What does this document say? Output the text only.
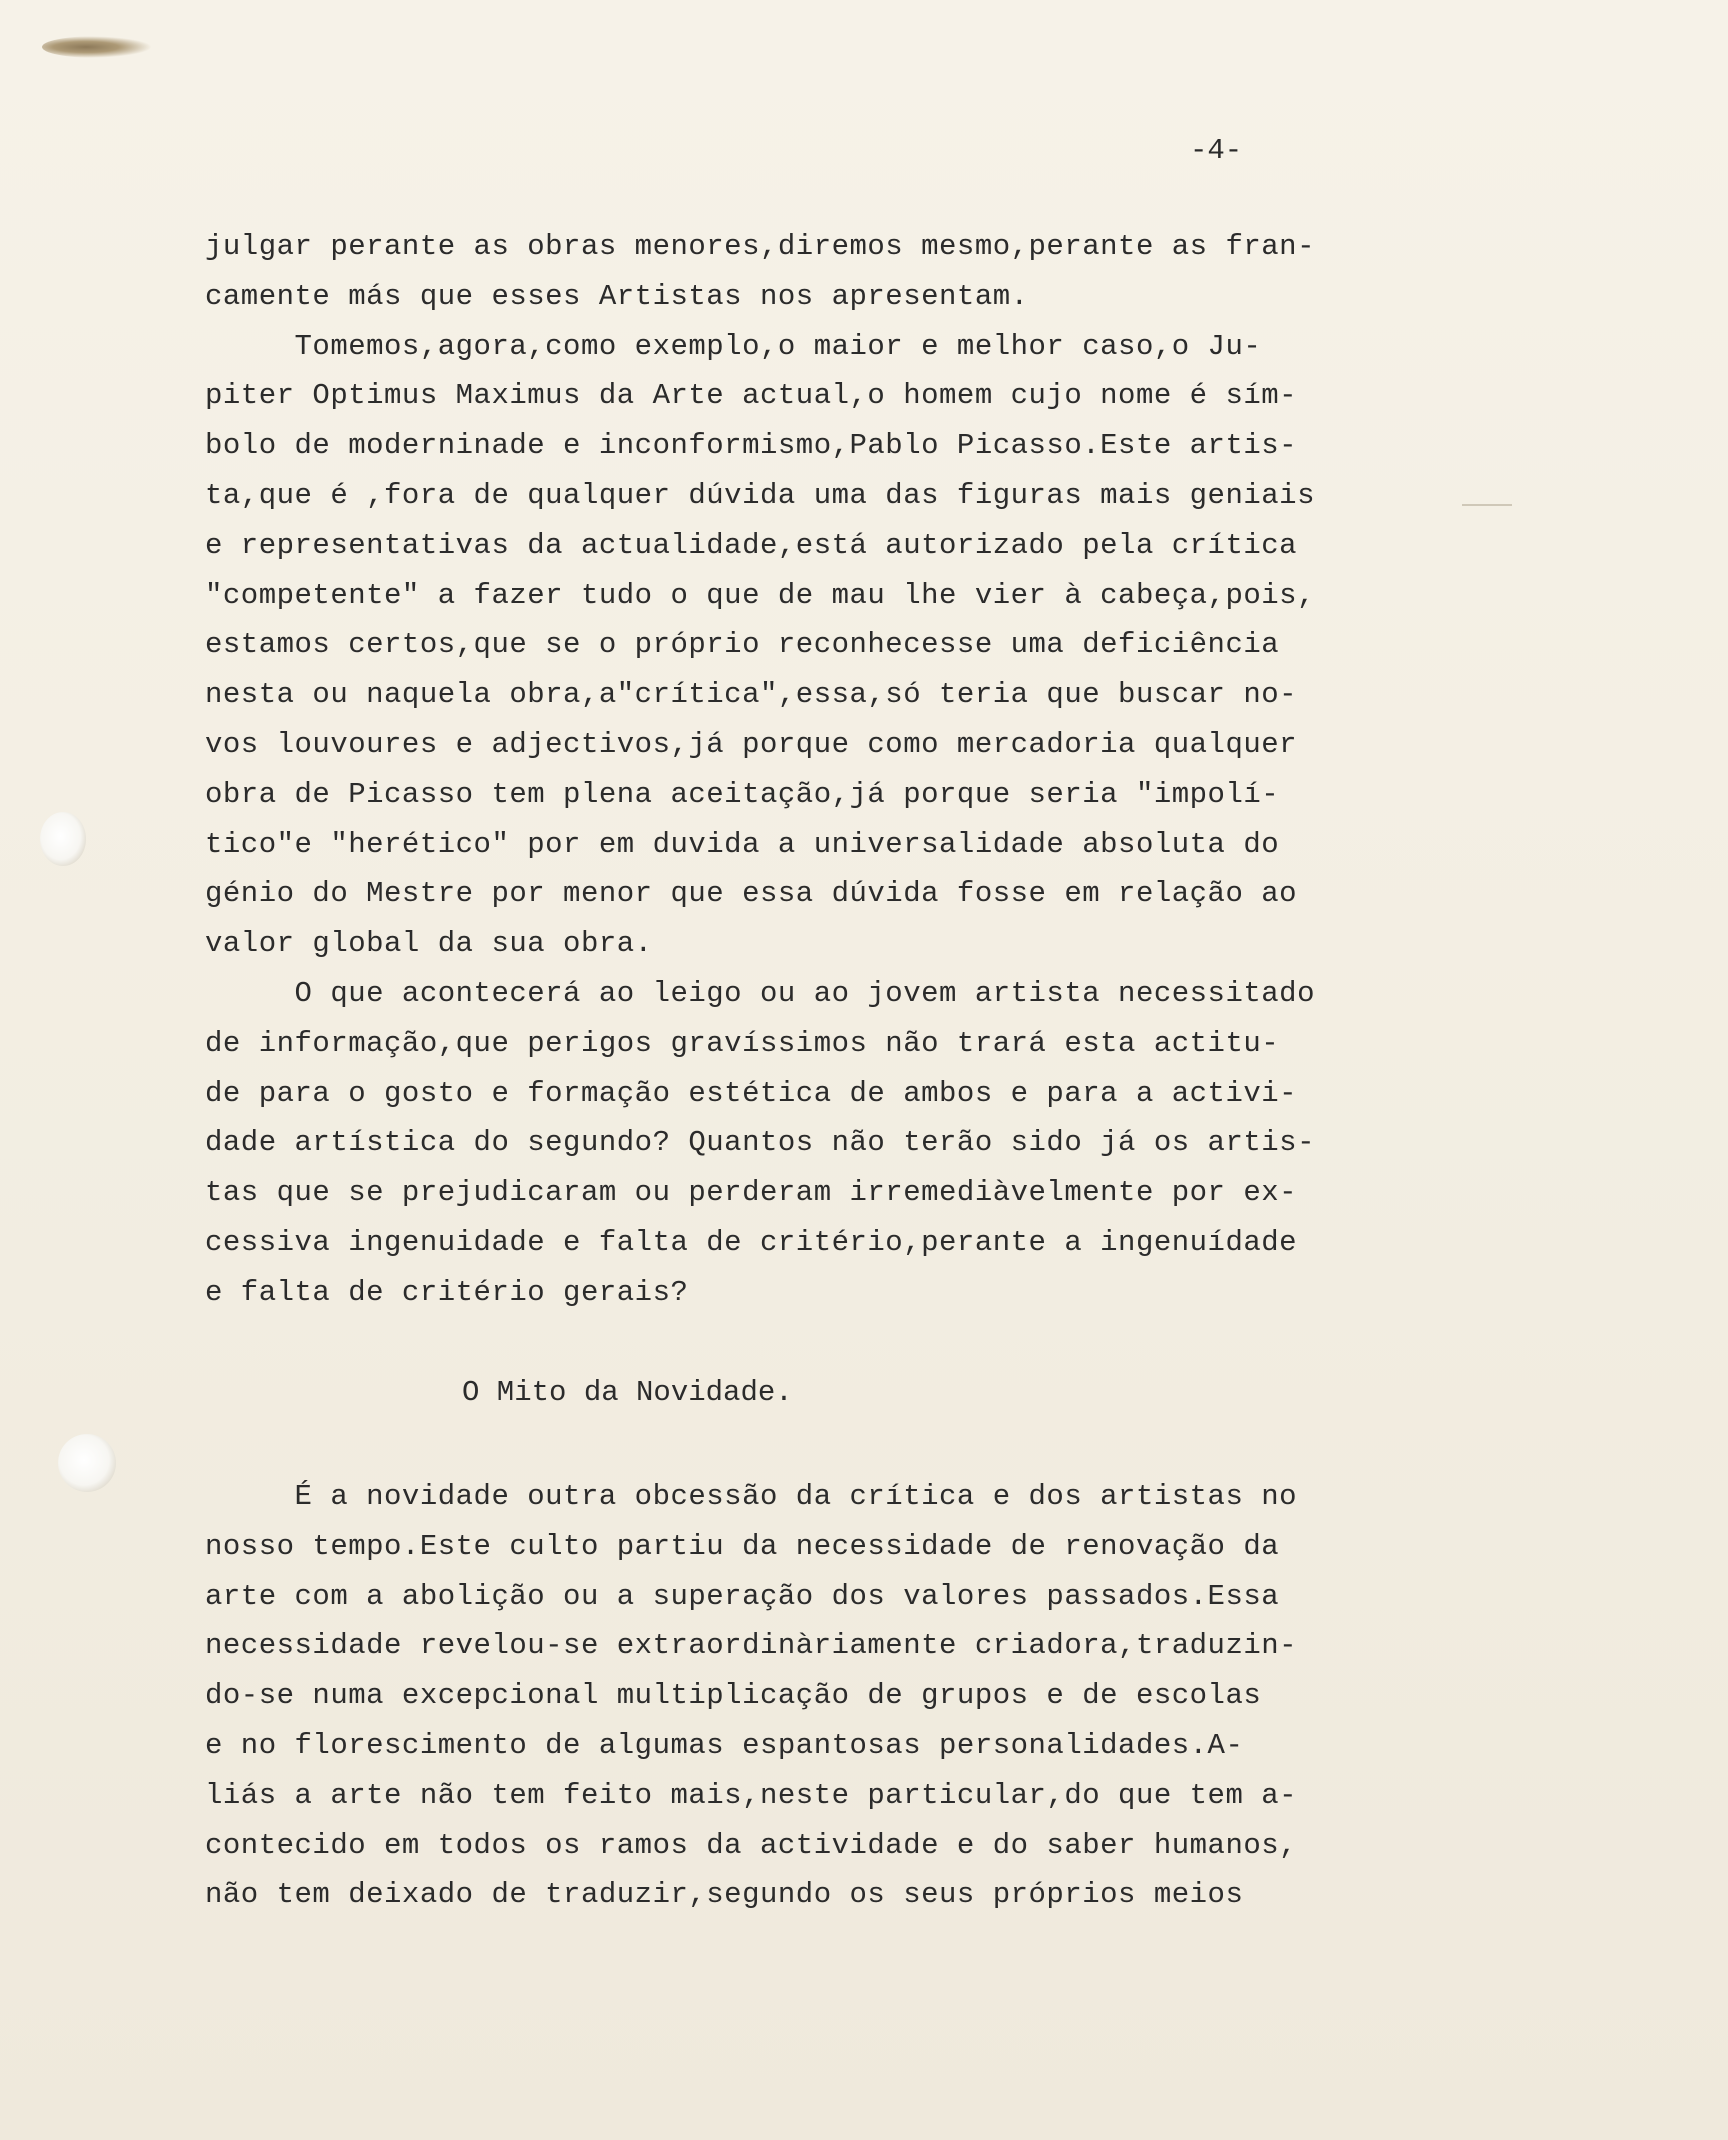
-4-
julgar perante as obras menores,diremos mesmo,perante as fran-
camente más que esses Artistas nos apresentam.
Tomemos,agora,como exemplo,o maior e melhor caso,o Ju-
piter Optimus Maximus da Arte actual,o homem cujo nome é sím-
bolo de moderninade e inconformismo,Pablo Picasso.Este artis-
ta,que é ,fora de qualquer dúvida uma das figuras mais geniais
e representativas da actualidade,está autorizado pela crítica
"competente" a fazer tudo o que de mau lhe vier à cabeça,pois,
estamos certos,que se o próprio reconhecesse uma deficiência
nesta ou naquela obra,a"crítica",essa,só teria que buscar no-
vos louvoures e adjectivos,já porque como mercadoria qualquer
obra de Picasso tem plena aceitação,já porque seria "impolí-
tico"e "herético" por em duvida a universalidade absoluta do
génio do Mestre por menor que essa dúvida fosse em relação ao
valor global da sua obra.
O que acontecerá ao leigo ou ao jovem artista necessitado
de informação,que perigos gravíssimos não trará esta actitu-
de para o gosto e formação estética de ambos e para a activi-
dade artística do segundo? Quantos não terão sido já os artis-
tas que se prejudicaram ou perderam irremediàvelmente por ex-
cessiva ingenuidade e falta de critério,perante a ingenuídade
e falta de critério gerais?
O Mito da Novidade.
É a novidade outra obcessão da crítica e dos artistas no
nosso tempo.Este culto partiu da necessidade de renovação da
arte com a abolição ou a superação dos valores passados.Essa
necessidade revelou-se extraordinàriamente criadora,traduzin-
do-se numa excepcional multiplicação de grupos e de escolas
e no florescimento de algumas espantosas personalidades.A-
liás a arte não tem feito mais,neste particular,do que tem a-
contecido em todos os ramos da actividade e do saber humanos,
não tem deixado de traduzir,segundo os seus próprios meios
